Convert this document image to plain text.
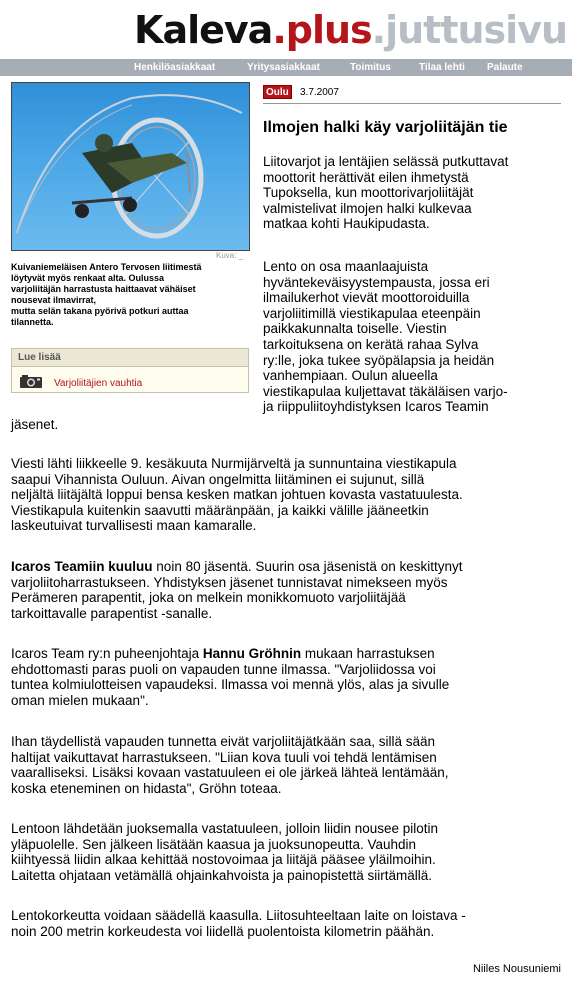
Kaleva.plus.juttusivu
Henkilöasiakkaat	Yritysasiakkaat	Toimitus	Tilaa lehti Palaute
Kuva: _
Kuivaniemeläisen Antero Tervosen liitimestä
löytyvät myös renkaat alta. Oulussa
varjoliitäjän harrastusta haittaavat vähäiset
nousevat ilmavirrat,
mutta selän takana pyörivä potkuri auttaa
tilannetta.
Lue lisää
Varjoliitäjien vauhtia
Oulu	3.7.2007
Ilmojen halki käy varjoliitäjän tie
Liitovarjot ja lentäjien selässä putkuttavat
moottorit herättivät eilen ihmetystä
Tupoksella, kun moottorivarjoliitäjät
valmistelivat ilmojen halki kulkevaa
matkaa kohti Haukipudasta.
Lento on osa maanlaajuista
hyväntekeväisyystempausta, jossa eri
ilmailukerhot vievät moottoroiduilla
varjoliitimillä viestikapulaa eteenpäin
paikkakunnalta toiselle. Viestin
tarkoituksena on kerätä rahaa Sylva
ry:lle, joka tukee syöpälapsia ja heidän
vanhempiaan. Oulun alueella
viestikapulaa kuljettavat täkäläisen varjo-
ja riippuliitoyhdistyksen Icaros Teamin
jäsenet.
Viesti lähti liikkeelle 9. kesäkuuta Nurmijärveltä ja sunnuntaina viestikapula
saapui Vihannista Ouluun. Aivan ongelmitta liitäminen ei sujunut, sillä
neljältä liitäjältä loppui bensa kesken matkan johtuen kovasta vastatuulesta.
Viestikapula kuitenkin saavutti määränpään, ja kaikki välille jääneetkin
laskeutuivat turvallisesti maan kamaralle.
Icaros Teamiin kuuluu noin 80 jäsentä. Suurin osa jäsenistä on keskittynyt
varjoliitoharrastukseen. Yhdistyksen jäsenet tunnistavat nimekseen myös
Perämeren parapentit, joka on melkein monikkomuoto varjoliitäjää
tarkoittavalle parapentist -sanalle.
Icaros Team ry:n puheenjohtaja Hannu Gröhnin mukaan harrastuksen
ehdottomasti paras puoli on vapauden tunne ilmassa. "Varjoliidossa voi
tuntea kolmiulotteisen vapaudeksi. Ilmassa voi mennä ylös, alas ja sivulle
oman mielen mukaan".
Ihan täydellistä vapauden tunnetta eivät varjoliitäjätkään saa, sillä sään
haltijat vaikuttavat harrastukseen. "Liian kova tuuli voi tehdä lentämisen
vaaralliseksi. Lisäksi kovaan vastatuuleen ei ole järkeä lähteä lentämään,
koska eteneminen on hidasta", Gröhn toteaa.
Lentoon lähdetään juoksemalla vastatuuleen, jolloin liidin nousee pilotin
yläpuolelle. Sen jälkeen lisätään kaasua ja juoksunopeutta. Vauhdin
kiihtyessä liidin alkaa kehittää nostovoimaa ja liitäjä pääsee yläilmoihin.
Laitetta ohjataan vetämällä ohjainkahvoista ja painopistettä siirtämällä.
Lentokorkeutta voidaan säädellä kaasulla. Liitosuhteeltaan laite on loistava -
noin 200 metrin korkeudesta voi liidellä puolentoista kilometrin päähän.
Niiles Nousuniemi
